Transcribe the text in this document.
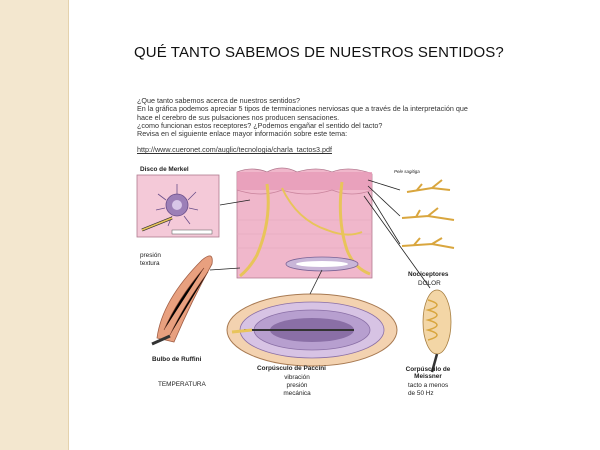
QUÉ TANTO SABEMOS DE NUESTROS SENTIDOS?
¿Que tanto sabemos acerca de nuestros sentidos?
En la gráfica podemos apreciar 5 tipos de terminaciones nerviosas que a través de la interpretación que
hace el cerebro de sus pulsaciones nos producen sensaciones.
¿como funcionan estos receptores? ¿Podemos engañar el sentido del tacto?
Revisa en el siguiente enlace mayor información sobre este tema:
http://www.cueronet.com/auglic/tecnologia/charla_tactos3.pdf
Disco de Merkel
presión
textura
Pele sagitiga
Bulbo de Ruffini
TEMPERATURA
Corpúsculo de Paccini
vibración
presión
mecánica
Nociceptores
DOLOR
Corpúsculo de
Meissner
tacto a menos
de 50 Hz
